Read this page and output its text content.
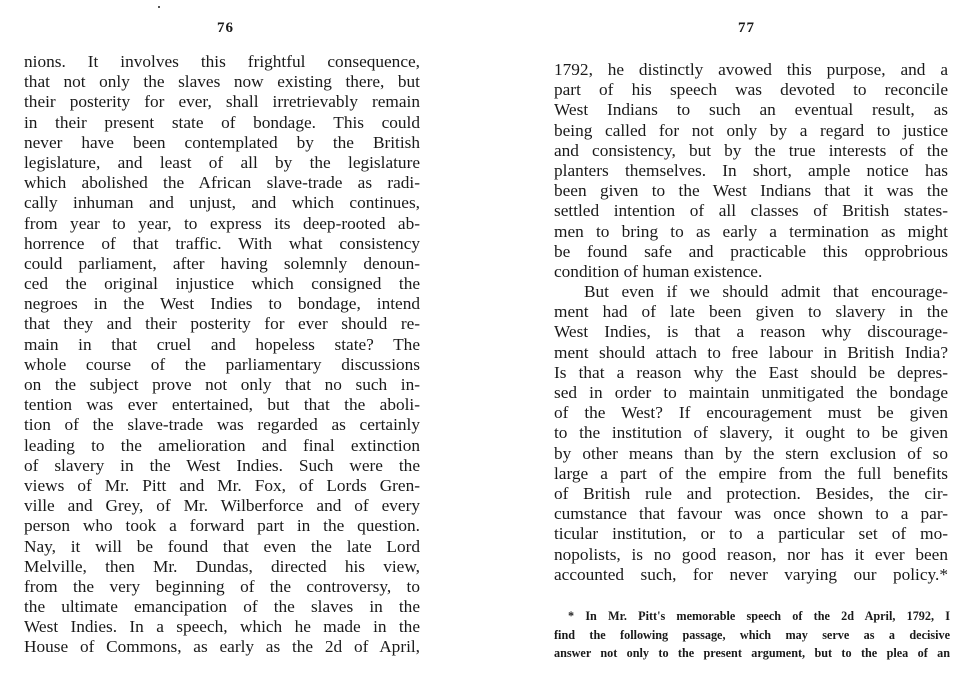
76
nions. It involves this frightful consequence,
that not only the slaves now existing there, but
their posterity for ever, shall irretrievably remain
in their present state of bondage. This could
never have been contemplated by the British
legislature, and least of all by the legislature
which abolished the African slave-trade as radi-
cally inhuman and unjust, and which continues,
from year to year, to express its deep-rooted ab-
horrence of that traffic. With what consistency
could parliament, after having solemnly denoun-
ced the original injustice which consigned the
negroes in the West Indies to bondage, intend
that they and their posterity for ever should re-
main in that cruel and hopeless state? The
whole course of the parliamentary discussions
on the subject prove not only that no such in-
tention was ever entertained, but that the aboli-
tion of the slave-trade was regarded as certainly
leading to the amelioration and final extinction
of slavery in the West Indies. Such were the
views of Mr. Pitt and Mr. Fox, of Lords Gren-
ville and Grey, of Mr. Wilberforce and of every
person who took a forward part in the question.
Nay, it will be found that even the late Lord
Melville, then Mr. Dundas, directed his view,
from the very beginning of the controversy, to
the ultimate emancipation of the slaves in the
West Indies. In a speech, which he made in the
House of Commons, as early as the 2d of April,
77
1792, he distinctly avowed this purpose, and a
part of his speech was devoted to reconcile
West Indians to such an eventual result, as
being called for not only by a regard to justice
and consistency, but by the true interests of the
planters themselves. In short, ample notice has
been given to the West Indians that it was the
settled intention of all classes of British states-
men to bring to as early a termination as might
be found safe and practicable this opprobrious
condition of human existence.
But even if we should admit that encourage-
ment had of late been given to slavery in the
West Indies, is that a reason why discourage-
ment should attach to free labour in British India?
Is that a reason why the East should be depres-
sed in order to maintain unmitigated the bondage
of the West? If encouragement must be given
to the institution of slavery, it ought to be given
by other means than by the stern exclusion of so
large a part of the empire from the full benefits
of British rule and protection. Besides, the cir-
cumstance that favour was once shown to a par-
ticular institution, or to a particular set of mo-
nopolists, is no good reason, nor has it ever been
accounted such, for never varying our policy.*
* In Mr. Pitt's memorable speech of the 2d April, 1792, I
find the following passage, which may serve as a decisive
answer not only to the present argument, but to the plea of an
